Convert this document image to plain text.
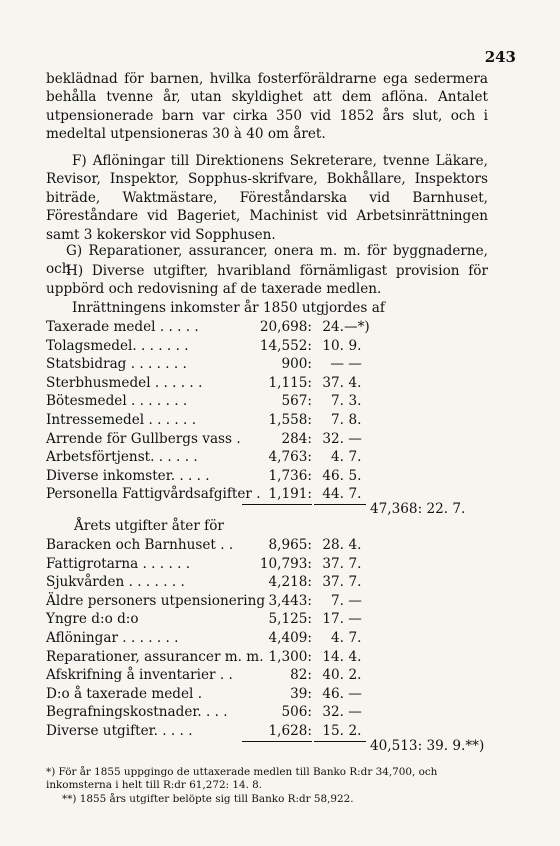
243
beklädnad för barnen, hvilka fosterföräldrarne ega sedermera behålla tvenne år, utan skyldighet att dem aflöna. Antalet utpensionerade barn var cirka 350 vid 1852 års slut, och i medeltal utpensioneras 30 à 40 om året.
F) Aflöningar till Direktionens Sekreterare, tvenne Läkare, Revisor, Inspektor, Sopphus-skrifvare, Bokhållare, Inspektors biträde, Waktmästare, Föreståndarska vid Barnhuset, Föreståndare vid Bageriet, Machinist vid Arbetsinrättningen samt 3 kokerskor vid Sopphusen.
G) Reparationer, assurancer, onera m. m. för byggnaderne, och
H) Diverse utgifter, hvaribland förnämligast provision för uppbörd och redovisning af de taxerade medlen.
Inrättningens inkomster år 1850 utgjordes af
Taxerade medel . . . . .	20,698: 24. —*)
Tolagsmedel. . . . . . .	14,552: 10. 9.
Statsbidrag . . . . . . .	900:	— —
Sterbhusmedel . . . . . .	1,115: 37. 4.
Bötesmedel . . . . . . .	567:	7. 3.
Intressemedel . . . . . .	1,558:	7. 8.
Arrende för Gullbergs vass .	284: 32. —
Arbetsförtjenst. . . . . .	4,763:	4. 7.
Diverse inkomster. . . . .	1,736: 46. 5.
Personella Fattigvårdsafgifter . 1,191: 44. 7.
47,368: 22. 7.
Årets utgifter åter för
Baracken och Barnhuset . .	8,965: 28. 4.
Fattigrotarna . . . . . .	10,793: 37. 7.
Sjukvården . . . . . . .	4,218: 37. 7.
Äldre personers utpensionering 3,443:	7. —
Yngre d:o d:o	5,125: 17. —
Aflöningar . . . . . . .	4,409:	4. 7.
Reparationer, assurancer m. m. 1,300: 14. 4.
Afskrifning å inventarier . .	82: 40. 2.
D:o å taxerade medel .	39: 46. —
Begrafningskostnader. . . .	506: 32. —
Diverse utgifter. . . . .	1,628: 15. 2.
40,513: 39. 9.**)
*) För år 1855 uppgingo de uttaxerade medlen till Banko R:dr 34,700, och inkomsterna i helt till R:dr 61,272: 14. 8.
**) 1855 års utgifter belöpte sig till Banko R:dr 58,922.
